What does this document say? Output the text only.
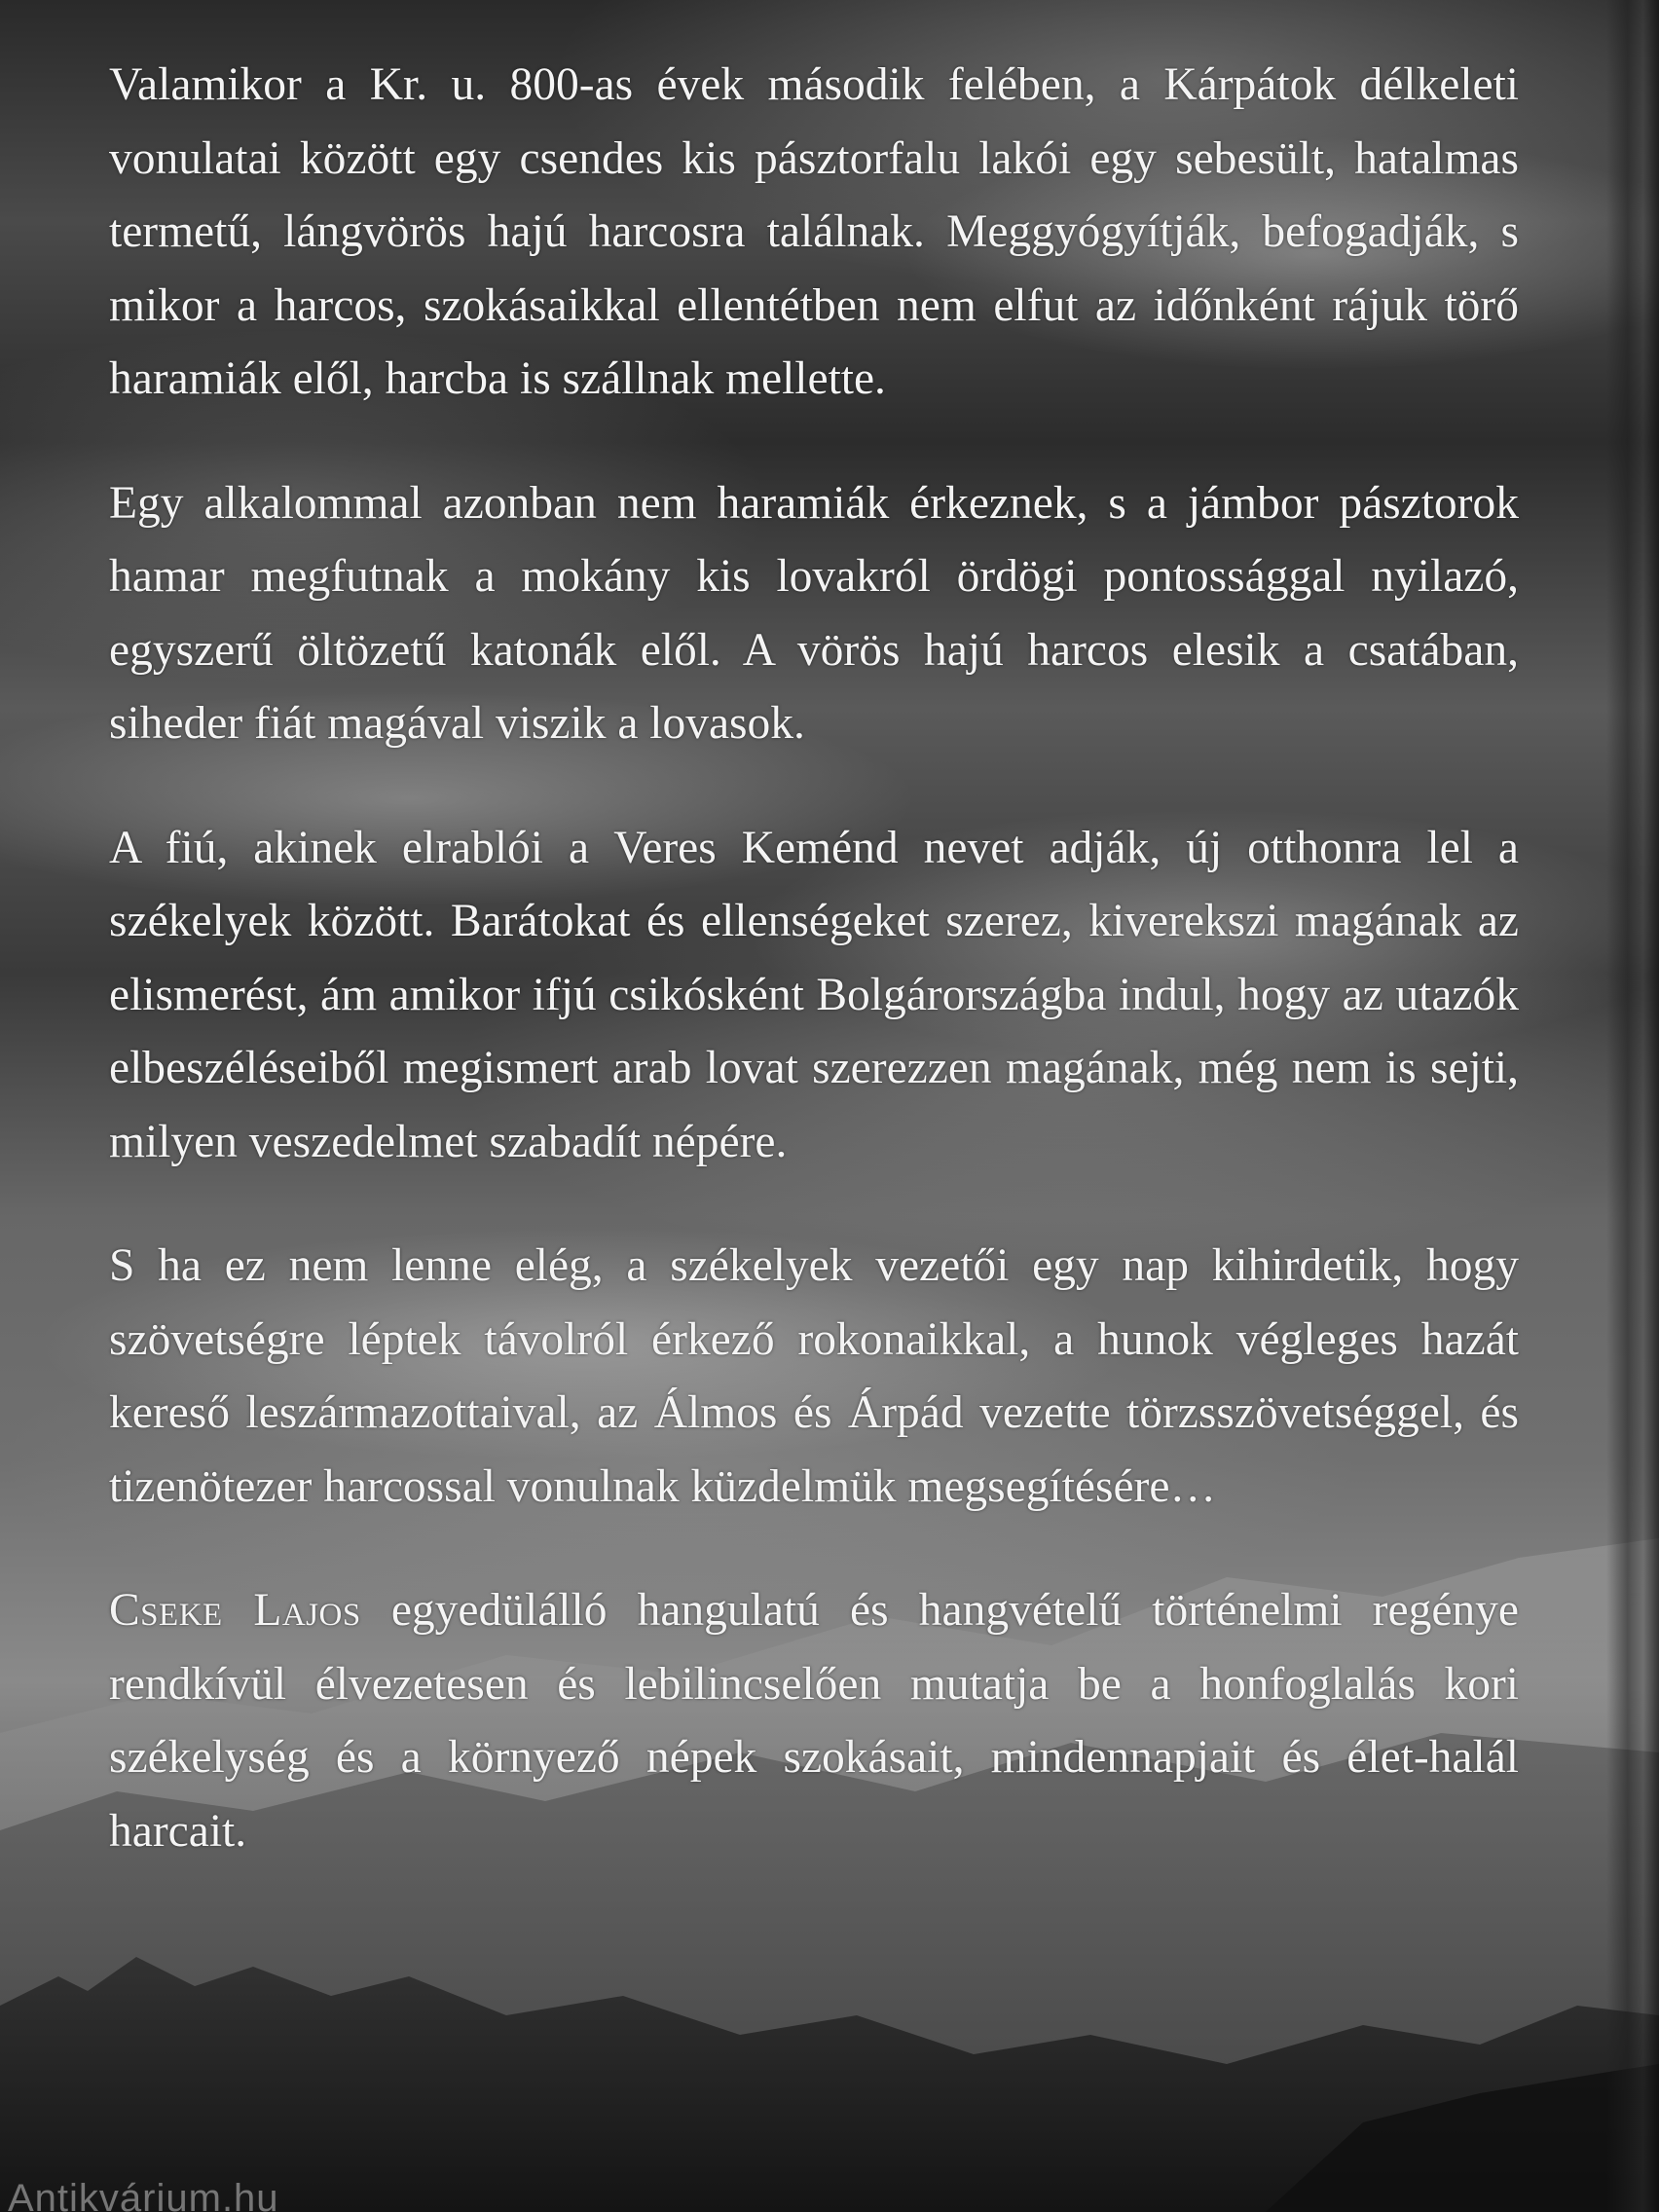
Valamikor a Kr. u. 800-as évek második felében, a Kárpátok délkeleti vonulatai között egy csendes kis pásztorfalu lakói egy sebesült, hatalmas termetű, lángvörös hajú harcosra találnak. Meggyógyítják, befogadják, s mikor a harcos, szokásaikkal ellentétben nem elfut az időnként rájuk törő haramiák elől, harcba is szállnak mellette.

Egy alkalommal azonban nem haramiák érkeznek, s a jámbor pásztorok hamar megfutnak a mokány kis lovakról ördögi pontossággal nyilazó, egyszerű öltözetű katonák elől. A vörös hajú harcos elesik a csatában, siheder fiát magával viszik a lovasok.

A fiú, akinek elrablói a Veres Keménd nevet adják, új otthonra lel a székelyek között. Barátokat és ellenségeket szerez, kiverekszi magának az elismerést, ám amikor ifjú csikósként Bolgárországba indul, hogy az utazók elbeszéléseiből megismert arab lovat szerezzen magának, még nem is sejti, milyen veszedelmet szabadít népére.

S ha ez nem lenne elég, a székelyek vezetői egy nap kihirdetik, hogy szövetségre léptek távolról érkező rokonaikkal, a hunok végleges hazát kereső leszármazottaival, az Álmos és Árpád vezette törzsszövetséggel, és tizenötezer harcossal vonulnak küzdelmük megsegítésére…

Cseke Lajos egyedülálló hangulatú és hangvételű történelmi regénye rendkívül élvezetesen és lebilincselően mutatja be a honfoglalás kori székelység és a környező népek szokásait, mindennapjait és élet-halál harcait.

Antikvárium.hu
